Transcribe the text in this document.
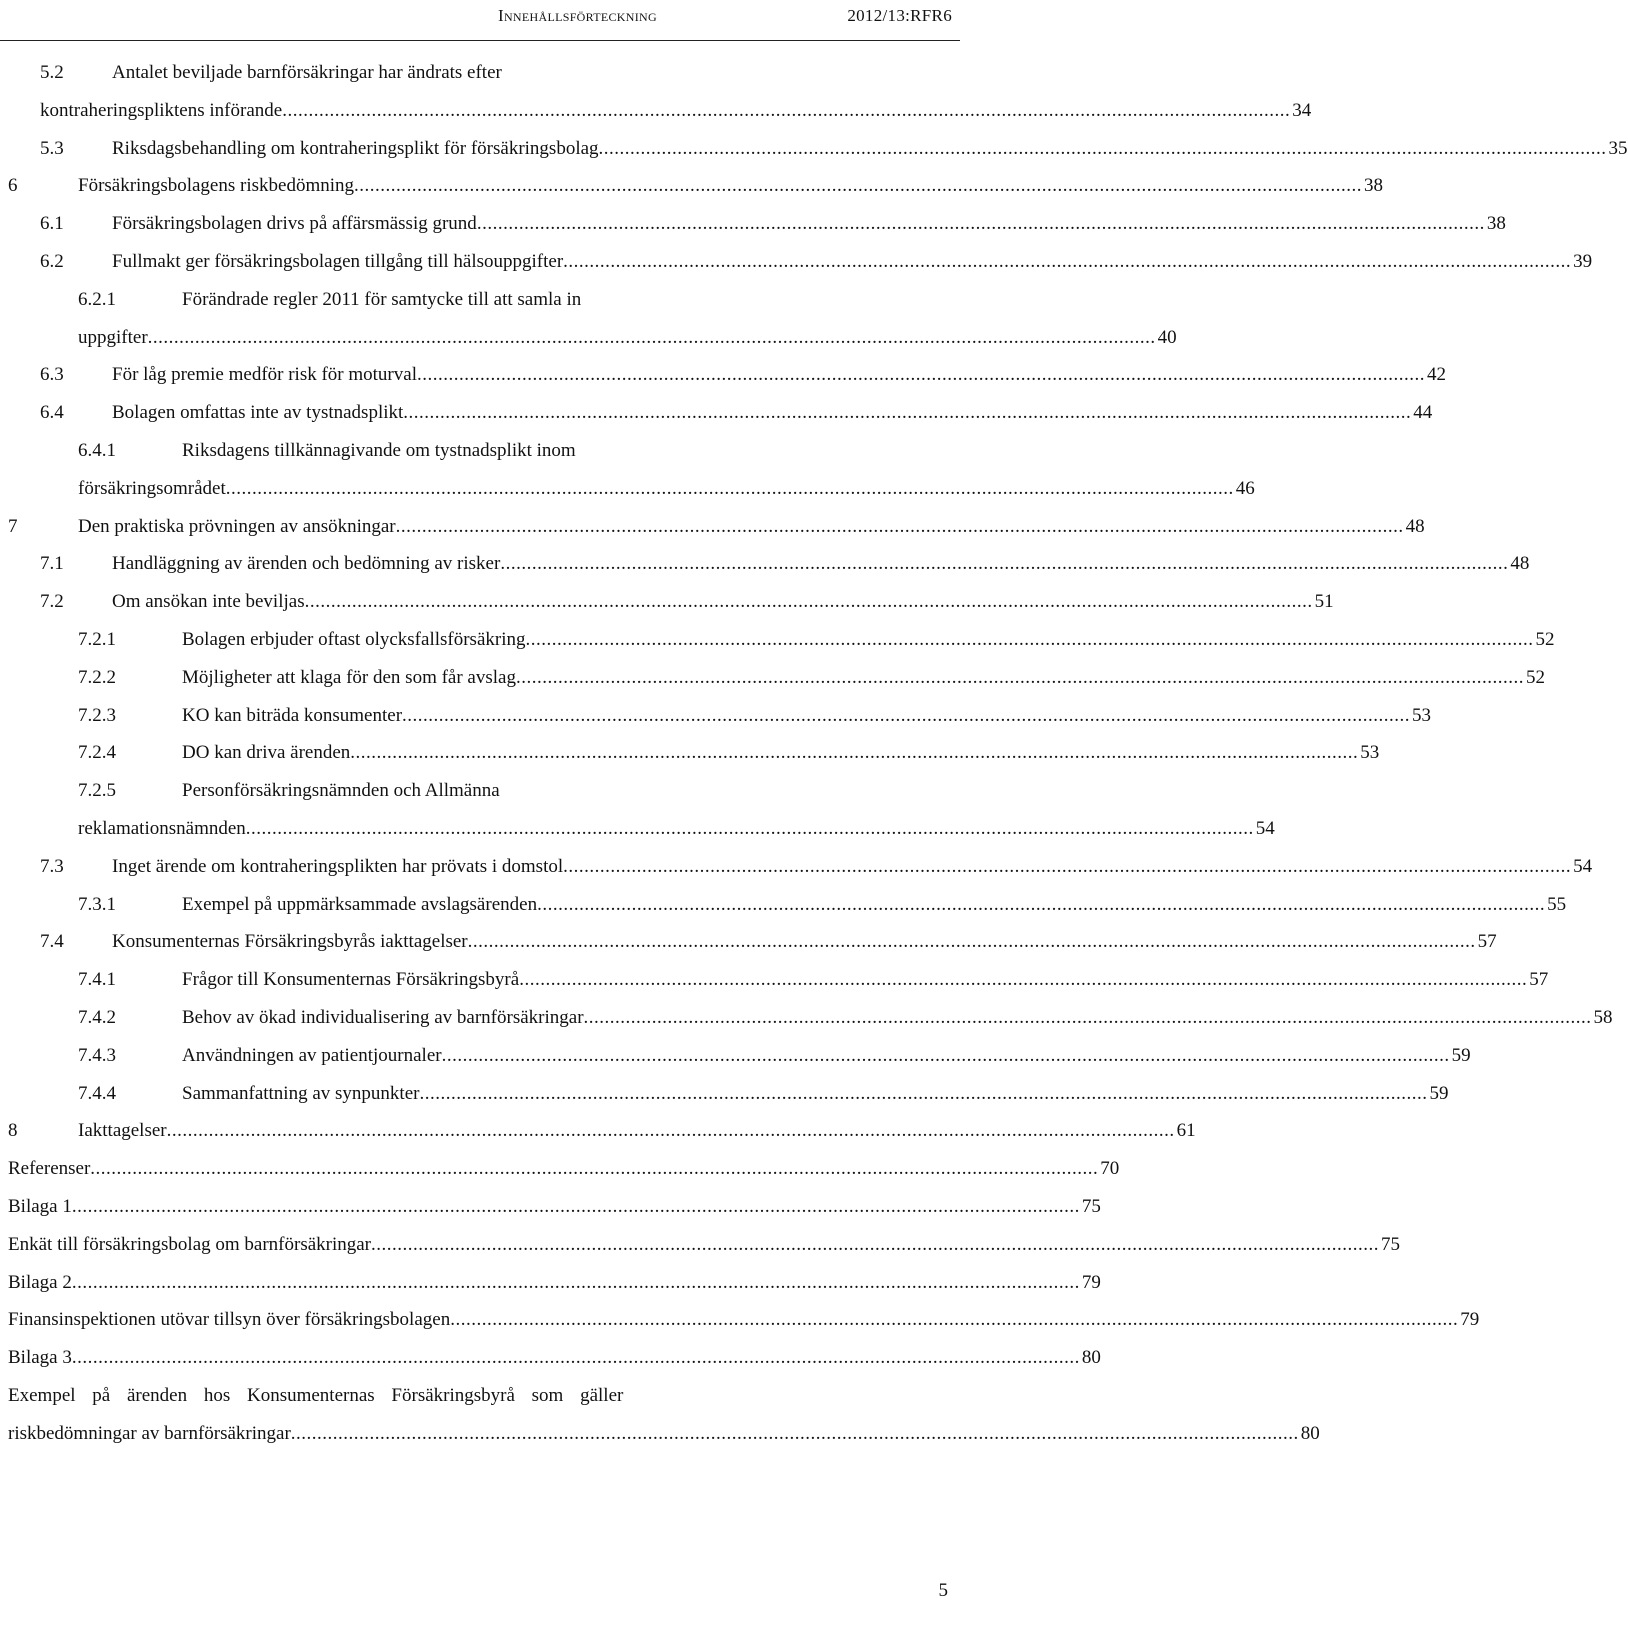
Innehållsförteckning	2012/13:RFR6
5.2	Antalet beviljade barnförsäkringar har ändrats efter
kontraheringspliktens införande .....	34
5.3	Riksdagsbehandling om kontraheringsplikt för försäkringsbolag .....	35
6	Försäkringsbolagens riskbedömning .....	38
6.1	Försäkringsbolagen drivs på affärsmässig grund .....	38
6.2	Fullmakt ger försäkringsbolagen tillgång till hälsouppgifter .....	39
6.2.1	Förändrade regler 2011 för samtycke till att samla in
uppgifter .....	40
6.3	För låg premie medför risk för moturval .....	42
6.4	Bolagen omfattas inte av tystnadsplikt .....	44
6.4.1	Riksdagens tillkännagivande om tystnadsplikt inom
försäkringsområdet .....	46
7	Den praktiska prövningen av ansökningar .....	48
7.1	Handläggning av ärenden och bedömning av risker .....	48
7.2	Om ansökan inte beviljas .....	51
7.2.1	Bolagen erbjuder oftast olycksfallsförsäkring .....	52
7.2.2	Möjligheter att klaga för den som får avslag .....	52
7.2.3	KO kan biträda konsumenter .....	53
7.2.4	DO kan driva ärenden .....	53
7.2.5	Personförsäkringsnämnden och Allmänna
reklamationsnämnden .....	54
7.3	Inget ärende om kontraheringsplikten har prövats i domstol .....	54
7.3.1	Exempel på uppmärksammade avslagsärenden .....	55
7.4	Konsumenternas Försäkringsbyrås iakttagelser .....	57
7.4.1	Frågor till Konsumenternas Försäkringsbyrå .....	57
7.4.2	Behov av ökad individualisering av barnförsäkringar .....	58
7.4.3	Användningen av patientjournaler .....	59
7.4.4	Sammanfattning av synpunkter .....	59
8	Iakttagelser .....	61
Referenser .....	70
Bilaga 1 .....	75
Enkät till försäkringsbolag om barnförsäkringar .....	75
Bilaga 2 .....	79
Finansinspektionen utövar tillsyn över försäkringsbolagen .....	79
Bilaga 3 .....	80
Exempel på ärenden hos Konsumenternas Försäkringsbyrå som gäller
riskbedömningar av barnförsäkringar .....	80
5
